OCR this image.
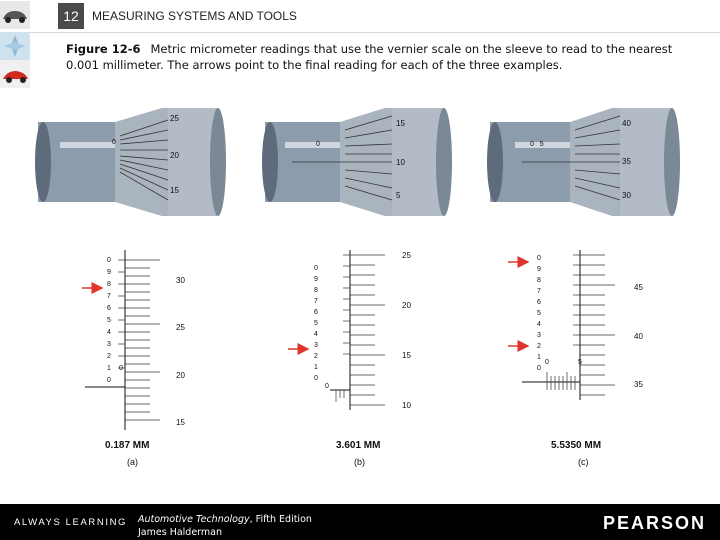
12	MEASURING SYSTEMS AND TOOLS
Figure 12-6 Metric micrometer readings that use the vernier scale on the sleeve to read to the nearest 0.001 millimeter. The arrows point to the final reading for each of the three examples.
25
20
15
0
0
9
8
7
6
5
4
3
2
1
0
0
30
25
20
15
0.187 MM
(a)
15
10
5
0
0
9
8
7
6
5
4
3
2
1
0
0
25
20
15
10
3.601 MM
(b)
40
35
30
0   5
0
9
8
7
6
5
4
3
2
1
0
0	5
45
40
35
5.5350 MM
(c)
ALWAYS LEARNING Automotive Technology, Fifth Edition
James Halderman	PEARSON
